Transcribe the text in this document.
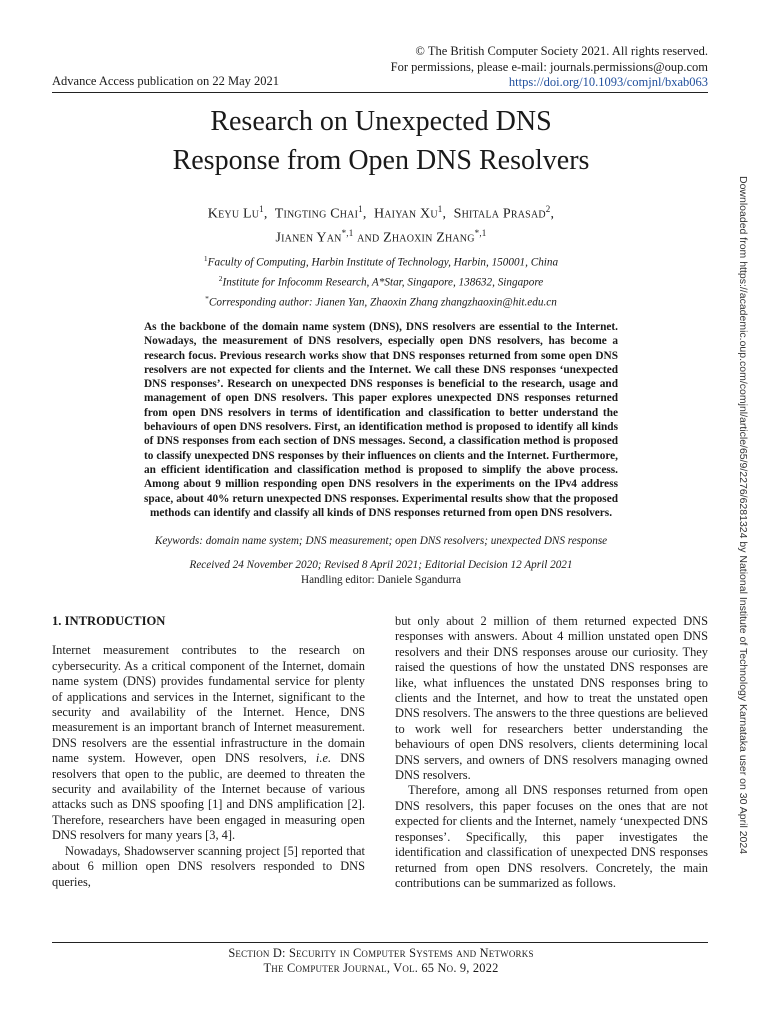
© The British Computer Society 2021. All rights reserved.
For permissions, please e-mail: journals.permissions@oup.com
https://doi.org/10.1093/comjnl/bxab063
Advance Access publication on 22 May 2021
Research on Unexpected DNS
Response from Open DNS Resolvers
Keyu Lu$^1$,  Tingting Chai$^1$,  Haiyan Xu$^1$,  Shitala Prasad$^2$,
Jianen Yan$^{*,1}$ and Zhaoxin Zhang$^{*,1}$
$^1$Faculty of Computing, Harbin Institute of Technology, Harbin, 150001, China
$^2$Institute for Infocomm Research, A*Star, Singapore, 138632, Singapore
*Corresponding author: Jianen Yan, Zhaoxin Zhang zhangzhaoxin@hit.edu.cn
As the backbone of the domain name system (DNS), DNS resolvers are essential to the Internet. Nowadays, the measurement of DNS resolvers, especially open DNS resolvers, has become a research focus. Previous research works show that DNS responses returned from some open DNS resolvers are not expected for clients and the Internet. We call these DNS responses ‘unexpected DNS responses’. Research on unexpected DNS responses is beneficial to the research, usage and management of open DNS resolvers. This paper explores unexpected DNS responses returned from open DNS resolvers in terms of identification and classification to better understand the behaviours of open DNS resolvers. First, an identification method is proposed to identify all kinds of DNS responses from each section of DNS messages. Second, a classification method is proposed to classify unexpected DNS responses by their influences on clients and the Internet. Furthermore, an efficient identification and classification method is proposed to simplify the above process. Among about 9 million responding open DNS resolvers in the experiments on the IPv4 address space, about 40% return unexpected DNS responses. Experimental results show that the proposed methods can identify and classify all kinds of DNS responses returned from open DNS resolvers.
Keywords: domain name system; DNS measurement; open DNS resolvers; unexpected DNS response
Received 24 November 2020; Revised 8 April 2021; Editorial Decision 12 April 2021
Handling editor: Daniele Sgandurra

1. INTRODUCTION

Internet measurement contributes to the research on cybersecurity. As a critical component of the Internet, domain name system (DNS) provides fundamental service for plenty of applications and services in the Internet, significant to the security and availability of the Internet. Hence, DNS measurement is an important branch of Internet measurement. DNS resolvers are the essential infrastructure in the domain name system. However, open DNS resolvers, i.e. DNS resolvers that open to the public, are deemed to threaten the security and availability of the Internet because of various attacks such as DNS spoofing [1] and DNS amplification [2]. Therefore, researchers have been engaged in measuring open DNS resolvers for many years [3, 4].

Nowadays, Shadowserver scanning project [5] reported that about 6 million open DNS resolvers responded to DNS queries,

but only about 2 million of them returned expected DNS responses with answers. About 4 million unstated open DNS resolvers and their DNS responses arouse our curiosity. They raised the questions of how the unstated DNS responses are like, what influences the unstated DNS responses bring to clients and the Internet, and how to treat the unstated open DNS resolvers. The answers to the three questions are believed to work well for researchers better understanding the behaviours of open DNS resolvers, clients determining local DNS servers, and owners of DNS resolvers managing owned DNS resolvers.

Therefore, among all DNS responses returned from open DNS resolvers, this paper focuses on the ones that are not expected for clients and the Internet, namely ‘unexpected DNS responses’. Specifically, this paper investigates the identification and classification of unexpected DNS responses returned from open DNS resolvers. Concretely, the main contributions can be summarized as follows.

Section D: Security in Computer Systems and Networks
The Computer Journal, Vol. 65 No. 9, 2022
Downloaded from https://academic.oup.com/comjnl/article/65/9/2276/6281324 by National Institute of Technology Karnataka user on 30 April 2024
